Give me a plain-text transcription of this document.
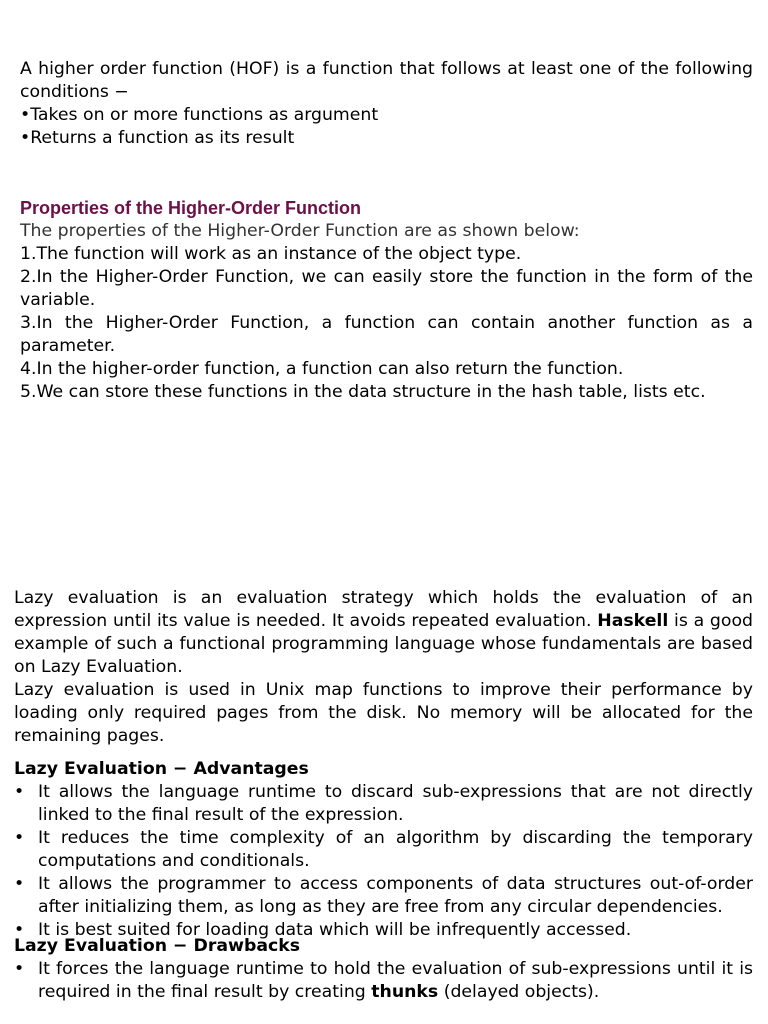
A higher order function (HOF) is a function that follows at least one of the following conditions −

•Takes on or more functions as argument

•Returns a function as its result

Properties of the Higher-Order Function

The properties of the Higher-Order Function are as shown below:

1.The function will work as an instance of the object type.

2.In the Higher-Order Function, we can easily store the function in the form of the variable.

3.In the Higher-Order Function, a function can contain another function as a parameter.

4.In the higher-order function, a function can also return the function.

5.We can store these functions in the data structure in the hash table, lists etc.

Lazy evaluation is an evaluation strategy which holds the evaluation of an expression until its value is needed. It avoids repeated evaluation. Haskell is a good example of such a functional programming language whose fundamentals are based on Lazy Evaluation.

Lazy evaluation is used in Unix map functions to improve their performance by loading only required pages from the disk. No memory will be allocated for the remaining pages.

Lazy Evaluation − Advantages

• It allows the language runtime to discard sub-expressions that are not directly linked to the final result of the expression.
• It reduces the time complexity of an algorithm by discarding the temporary computations and conditionals.
• It allows the programmer to access components of data structures out-of-order after initializing them, as long as they are free from any circular dependencies.
• It is best suited for loading data which will be infrequently accessed.

Lazy Evaluation − Drawbacks

• It forces the language runtime to hold the evaluation of sub-expressions until it is required in the final result by creating thunks (delayed objects).
